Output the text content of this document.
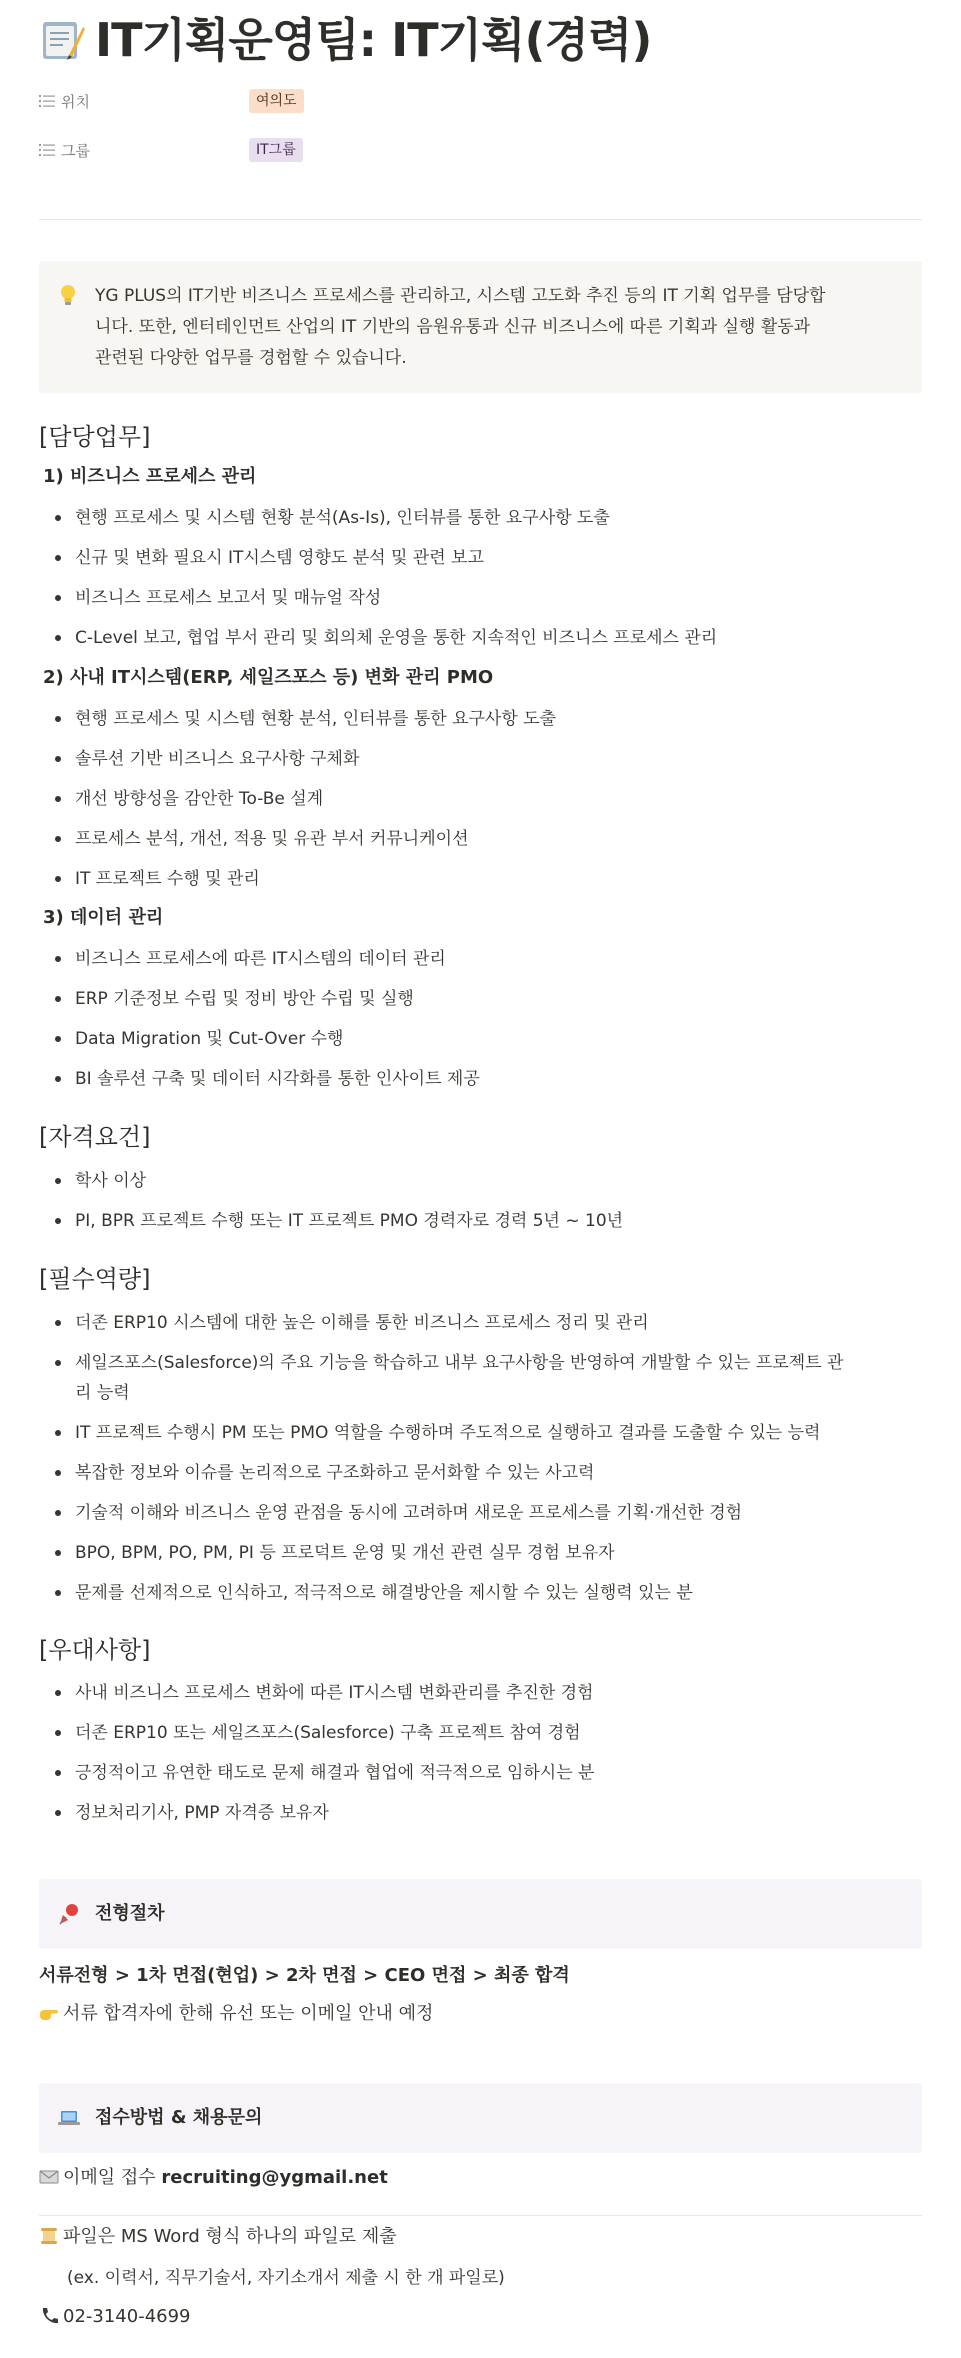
IT기획운영팀: IT기획(경력)
위치	여의도
그룹	IT그룹
YG PLUS의 IT기반 비즈니스 프로세스를 관리하고, 시스템 고도화 추진 등의 IT 기획 업무를 담당합
니다. 또한, 엔터테인먼트 산업의 IT 기반의 음원유통과 신규 비즈니스에 따른 기획과 실행 활동과
관련된 다양한 업무를 경험할 수 있습니다.
[담당업무]
1) 비즈니스 프로세스 관리
현행 프로세스 및 시스템 현황 분석(As-Is), 인터뷰를 통한 요구사항 도출
신규 및 변화 필요시 IT시스템 영향도 분석 및 관련 보고
비즈니스 프로세스 보고서 및 매뉴얼 작성
C-Level 보고, 협업 부서 관리 및 회의체 운영을 통한 지속적인 비즈니스 프로세스 관리
2) 사내 IT시스템(ERP, 세일즈포스 등) 변화 관리 PMO
현행 프로세스 및 시스템 현황 분석, 인터뷰를 통한 요구사항 도출
솔루션 기반 비즈니스 요구사항 구체화
개선 방향성을 감안한 To-Be 설계
프로세스 분석, 개선, 적용 및 유관 부서 커뮤니케이션
IT 프로젝트 수행 및 관리
3) 데이터 관리
비즈니스 프로세스에 따른 IT시스템의 데이터 관리
ERP 기준정보 수립 및 정비 방안 수립 및 실행
Data Migration 및 Cut-Over 수행
BI 솔루션 구축 및 데이터 시각화를 통한 인사이트 제공
[자격요건]
학사 이상
PI, BPR 프로젝트 수행 또는 IT 프로젝트 PMO 경력자로 경력 5년 ~ 10년
[필수역량]
더존 ERP10 시스템에 대한 높은 이해를 통한 비즈니스 프로세스 정리 및 관리
세일즈포스(Salesforce)의 주요 기능을 학습하고 내부 요구사항을 반영하여 개발할 수 있는 프로젝트 관
리 능력
IT 프로젝트 수행시 PM 또는 PMO 역할을 수행하며 주도적으로 실행하고 결과를 도출할 수 있는 능력
복잡한 정보와 이슈를 논리적으로 구조화하고 문서화할 수 있는 사고력
기술적 이해와 비즈니스 운영 관점을 동시에 고려하며 새로운 프로세스를 기획·개선한 경험
BPO, BPM, PO, PM, PI 등 프로덕트 운영 및 개선 관련 실무 경험 보유자
문제를 선제적으로 인식하고, 적극적으로 해결방안을 제시할 수 있는 실행력 있는 분
[우대사항]
사내 비즈니스 프로세스 변화에 따른 IT시스템 변화관리를 추진한 경험
더존 ERP10 또는 세일즈포스(Salesforce) 구축 프로젝트 참여 경험
긍정적이고 유연한 태도로 문제 해결과 협업에 적극적으로 임하시는 분
정보처리기사, PMP 자격증 보유자
전형절차
서류전형 > 1차 면접(현업) > 2차 면접 > CEO 면접 > 최종 합격
서류 합격자에 한해 유선 또는 이메일 안내 예정
접수방법 & 채용문의
이메일 접수 recruiting@ygmail.net
파일은 MS Word 형식 하나의 파일로 제출
(ex. 이력서, 직무기술서, 자기소개서 제출 시 한 개 파일로)
02-3140-4699
